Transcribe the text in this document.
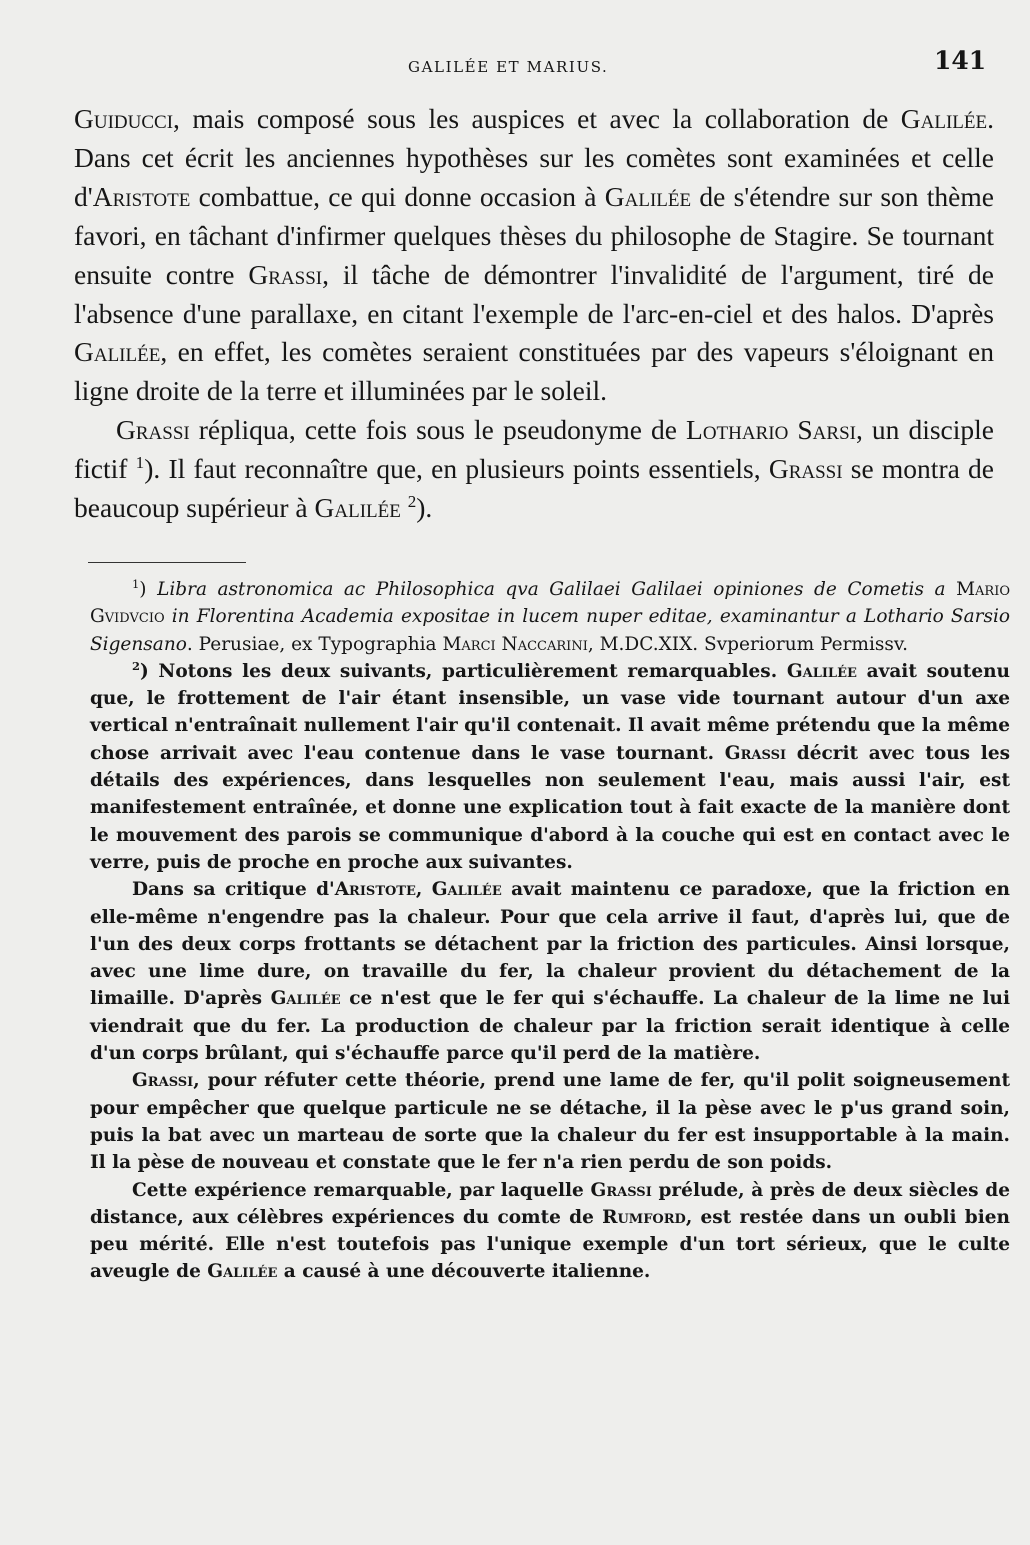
GALILÉE ET MARIUS.	141

Guiducci, mais composé sous les auspices et avec la collaboration de Galilée. Dans cet écrit les anciennes hypothèses sur les comètes sont examinées et celle d'Aristote combattue, ce qui donne occasion à Galilée de s'étendre sur son thème favori, en tâchant d'infirmer quelques thèses du philosophe de Stagire. Se tournant ensuite contre Grassi, il tâche de démontrer l'invalidité de l'argument, tiré de l'absence d'une parallaxe, en citant l'exemple de l'arc-en-ciel et des halos. D'après Galilée, en effet, les comètes seraient constituées par des vapeurs s'éloignant en ligne droite de la terre et illuminées par le soleil.

Grassi répliqua, cette fois sous le pseudonyme de Lothario Sarsi, un disciple fictif $^1$). Il faut reconnaître que, en plusieurs points essentiels, Grassi se montra de beaucoup supérieur à Galilée $^2$).

$^1$) Libra astronomica ac Philosophica qva Galilaei Galilaei opiniones de Cometis a Mario Gvidvcio in Florentina Academia expositae in lucem nuper editae, examinantur a Lothario Sarsio Sigensano. Perusiae, ex Typographia Marci Naccarini, M.DC.XIX. Svperiorum Permissv.

$^2$) Notons les deux suivants, particulièrement remarquables. Galilée avait soutenu que, le frottement de l'air étant insensible, un vase vide tournant autour d'un axe vertical n'entraînait nullement l'air qu'il contenait. Il avait même prétendu que la même chose arrivait avec l'eau contenue dans le vase tournant. Grassi décrit avec tous les détails des expériences, dans lesquelles non seulement l'eau, mais aussi l'air, est manifestement entraînée, et donne une explication tout à fait exacte de la manière dont le mouvement des parois se communique d'abord à la couche qui est en contact avec le verre, puis de proche en proche aux suivantes.

Dans sa critique d'Aristote, Galilée avait maintenu ce paradoxe, que la friction en elle-même n'engendre pas la chaleur. Pour que cela arrive il faut, d'après lui, que de l'un des deux corps frottants se détachent par la friction des particules. Ainsi lorsque, avec une lime dure, on travaille du fer, la chaleur provient du détachement de la limaille. D'après Galilée ce n'est que le fer qui s'échauffe. La chaleur de la lime ne lui viendrait que du fer. La production de chaleur par la friction serait identique à celle d'un corps brûlant, qui s'échauffe parce qu'il perd de la matière.

Grassi, pour réfuter cette théorie, prend une lame de fer, qu'il polit soigneusement pour empêcher que quelque particule ne se détache, il la pèse avec le p'us grand soin, puis la bat avec un marteau de sorte que la chaleur du fer est insupportable à la main. Il la pèse de nouveau et constate que le fer n'a rien perdu de son poids.

Cette expérience remarquable, par laquelle Grassi prélude, à près de deux siècles de distance, aux célèbres expériences du comte de Rumford, est restée dans un oubli bien peu mérité. Elle n'est toutefois pas l'unique exemple d'un tort sérieux, que le culte aveugle de Galilée a causé à une découverte italienne.
